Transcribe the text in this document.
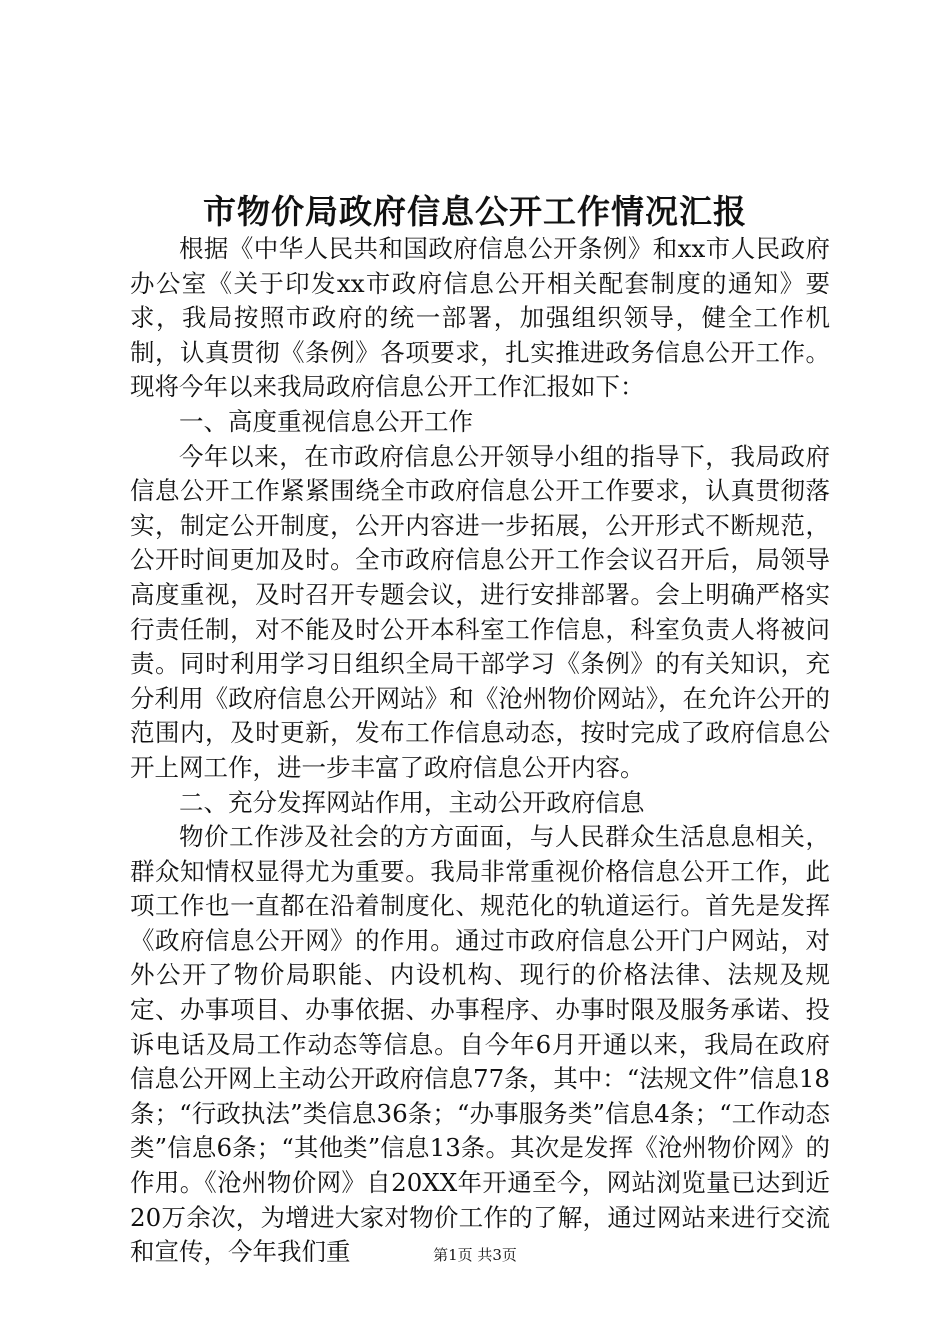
市物价局政府信息公开工作情况汇报

根据《中华人民共和国政府信息公开条例》和xx市人民政府办公室《关于印发xx市政府信息公开相关配套制度的通知》要求，我局按照市政府的统一部署，加强组织领导，健全工作机制，认真贯彻《条例》各项要求，扎实推进政务信息公开工作。现将今年以来我局政府信息公开工作汇报如下：

一、高度重视信息公开工作

今年以来，在市政府信息公开领导小组的指导下，我局政府信息公开工作紧紧围绕全市政府信息公开工作要求，认真贯彻落实，制定公开制度，公开内容进一步拓展，公开形式不断规范，公开时间更加及时。全市政府信息公开工作会议召开后，局领导高度重视，及时召开专题会议，进行安排部署。会上明确严格实行责任制，对不能及时公开本科室工作信息，科室负责人将被问责。同时利用学习日组织全局干部学习《条例》的有关知识，充分利用《政府信息公开网站》和《沧州物价网站》，在允许公开的范围内，及时更新，发布工作信息动态，按时完成了政府信息公开上网工作，进一步丰富了政府信息公开内容。

二、充分发挥网站作用，主动公开政府信息

物价工作涉及社会的方方面面，与人民群众生活息息相关，群众知情权显得尤为重要。我局非常重视价格信息公开工作，此项工作也一直都在沿着制度化、规范化的轨道运行。首先是发挥《政府信息公开网》的作用。通过市政府信息公开门户网站，对外公开了物价局职能、内设机构、现行的价格法律、法规及规定、办事项目、办事依据、办事程序、办事时限及服务承诺、投诉电话及局工作动态等信息。自今年6月开通以来，我局在政府信息公开网上主动公开政府信息77条，其中：“法规文件”信息18条；“行政执法”类信息36条；“办事服务类”信息4条；“工作动态类”信息6条；“其他类”信息13条。其次是发挥《沧州物价网》的作用。《沧州物价网》自20XX年开通至今，网站浏览量已达到近20万余次，为增进大家对物价工作的了解，通过网站来进行交流和宣传，今年我们重	第1页 共3页
